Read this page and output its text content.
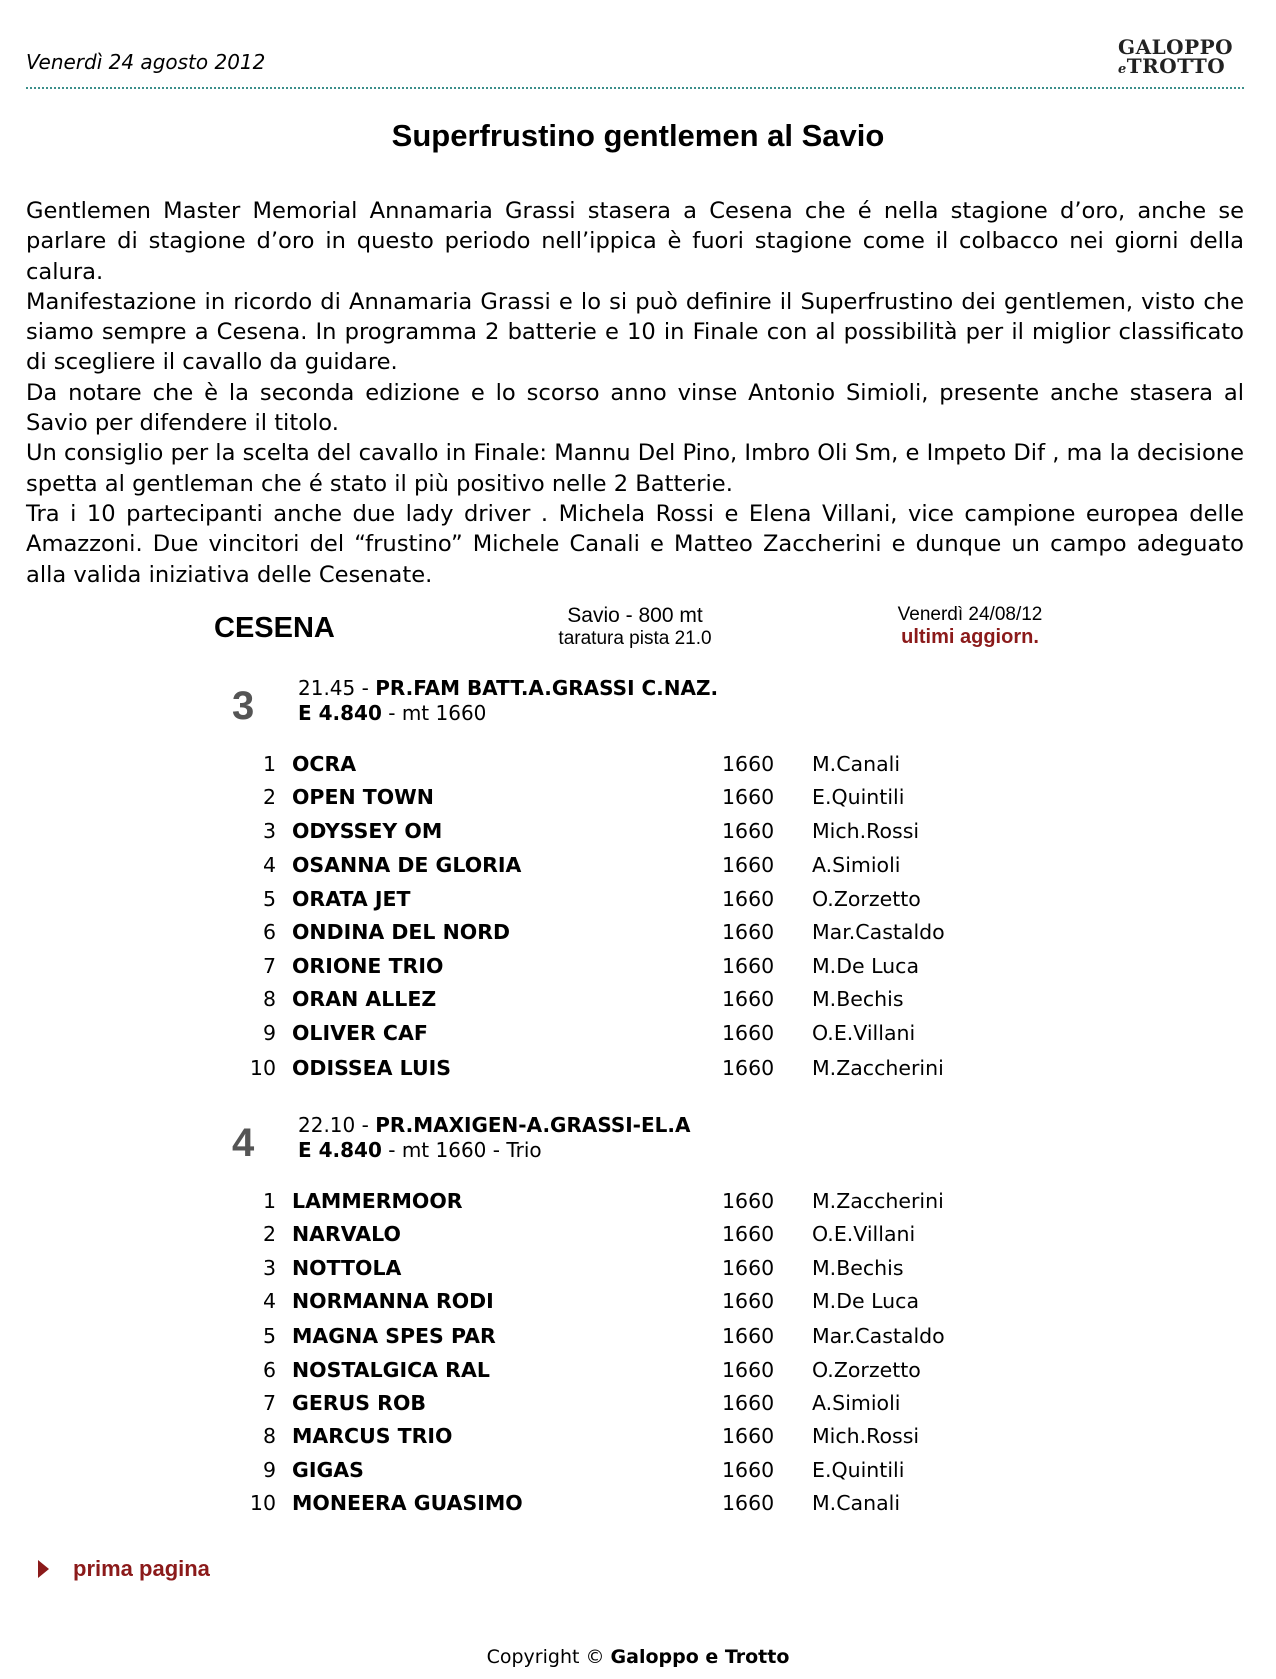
Venerdì 24 agosto 2012
GALOPPO
eTROTTO
Superfrustino gentlemen al Savio

Gentlemen Master Memorial Annamaria Grassi stasera a Cesena che é nella stagione d’oro, anche se parlare di stagione d’oro in questo periodo nell’ippica è fuori stagione come il colbacco nei giorni della calura.

Manifestazione in ricordo di Annamaria Grassi e lo si può definire il Superfrustino dei gentlemen, visto che siamo sempre a Cesena. In programma 2 batterie e 10 in Finale con al possibilità per il miglior classificato di scegliere il cavallo da guidare.

Da notare che è la seconda edizione e lo scorso anno vinse Antonio Simioli, presente anche stasera al Savio per difendere il titolo.

Un consiglio per la scelta del cavallo in Finale: Mannu Del Pino, Imbro Oli Sm, e Impeto Dif , ma la decisione spetta al gentleman che é stato il più positivo nelle 2 Batterie.

Tra i 10 partecipanti anche due lady driver . Michela Rossi e Elena Villani, vice campione europea delle Amazzoni. Due vincitori del “frustino” Michele Canali e Matteo Zaccherini e dunque un campo adeguato alla valida iniziativa delle Cesenate.

CESENA	Savio - 800 mt
taratura pista 21.0
Venerdì 24/08/12
ultimi aggiorn.
3 21.45 - PR.FAM BATT.A.GRASSI C.NAZ.
E 4.840 - mt 1660
1 OCRA	1660 M.Canali
2 OPEN TOWN	1660 E.Quintili
3 ODYSSEY OM	1660 Mich.Rossi
4 OSANNA DE GLORIA	1660 A.Simioli
5 ORATA JET	1660 O.Zorzetto
6 ONDINA DEL NORD	1660 Mar.Castaldo
7 ORIONE TRIO	1660 M.De Luca
8 ORAN ALLEZ	1660 M.Bechis
9 OLIVER CAF	1660 O.E.Villani
10 ODISSEA LUIS	1660 M.Zaccherini
4 22.10 - PR.MAXIGEN-A.GRASSI-EL.A
E 4.840 - mt 1660 - Trio
1 LAMMERMOOR	1660 M.Zaccherini
2 NARVALO	1660 O.E.Villani
3 NOTTOLA	1660 M.Bechis
4 NORMANNA RODI	1660 M.De Luca
5 MAGNA SPES PAR	1660 Mar.Castaldo
6 NOSTALGICA RAL	1660 O.Zorzetto
7 GERUS ROB	1660 A.Simioli
8 MARCUS TRIO	1660 Mich.Rossi
9 GIGAS	1660 E.Quintili
10 MONEERA GUASIMO	1660 M.Canali
prima pagina
Copyright © Galoppo e Trotto
